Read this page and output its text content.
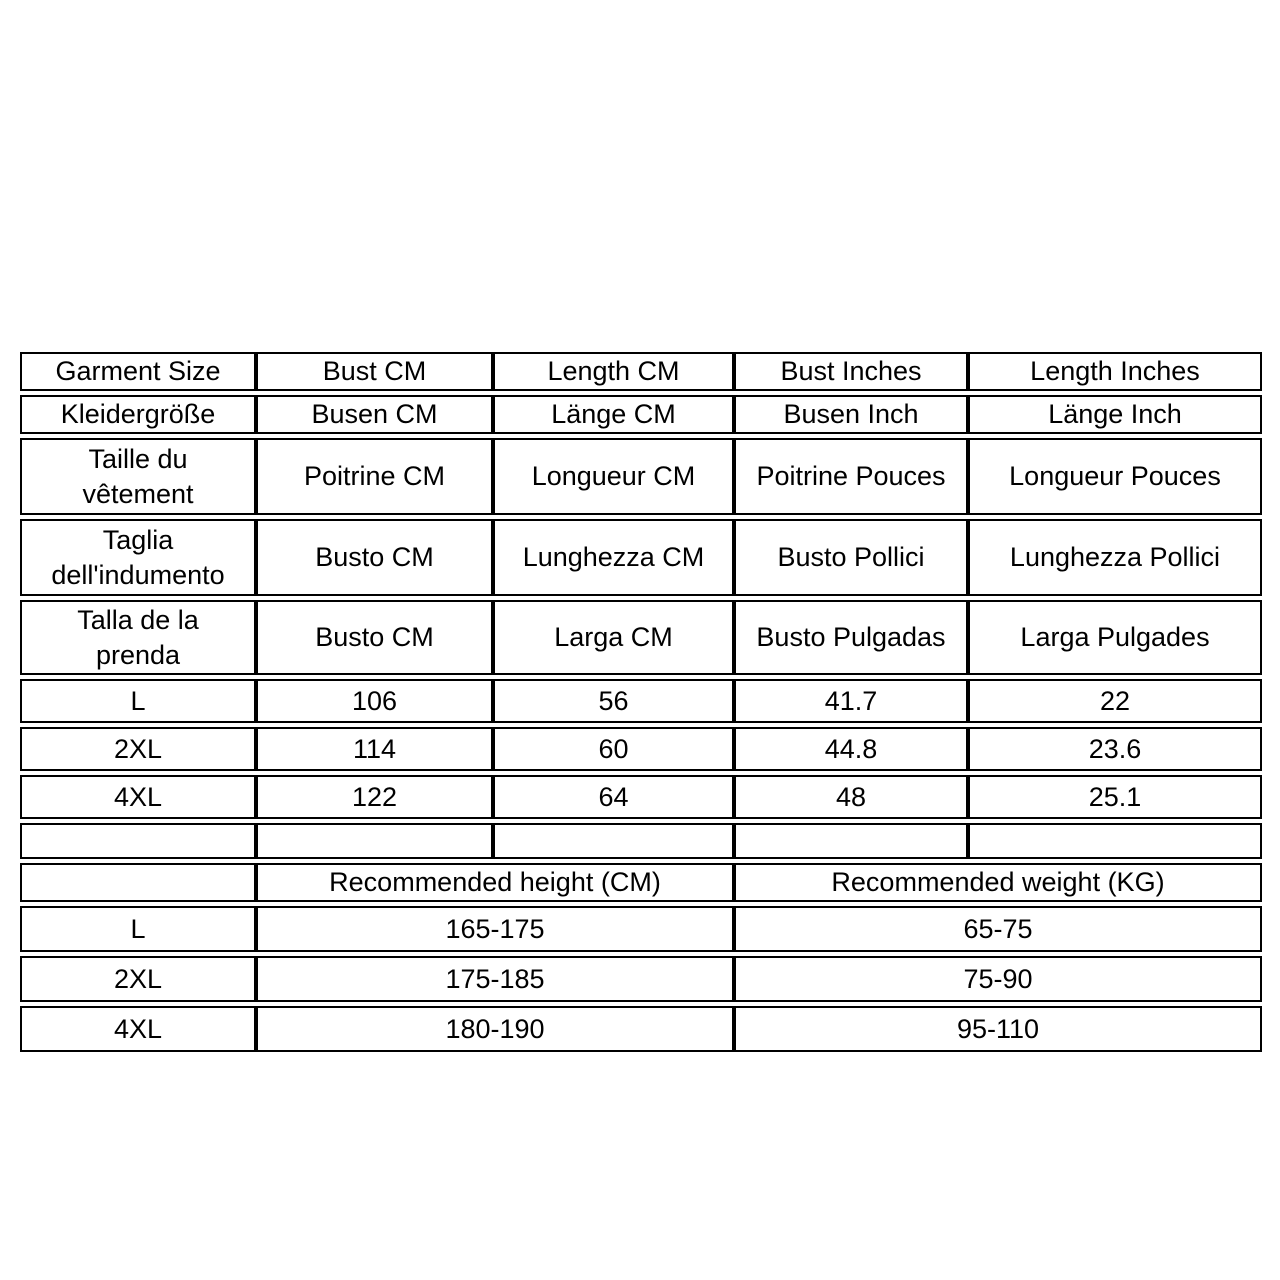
Garment Size	Bust CM	Length CM	Bust Inches	Length Inches
Kleidergröße	Busen CM	Länge CM	Busen Inch	Länge Inch
Taille du vêtement	Poitrine CM	Longueur CM	Poitrine Pouces	Longueur Pouces
Taglia dell'indumento	Busto CM	Lunghezza CM	Busto Pollici	Lunghezza Pollici
Talla de la prenda	Busto CM	Larga CM	Busto Pulgadas	Larga Pulgades
L	106	56	41.7	22
2XL	114	60	44.8	23.6
4XL	122	64	48	25.1

	Recommended height (CM)		Recommended weight (KG)	
L	165-175		65-75	
2XL	175-185		75-90	
4XL	180-190		95-110	
